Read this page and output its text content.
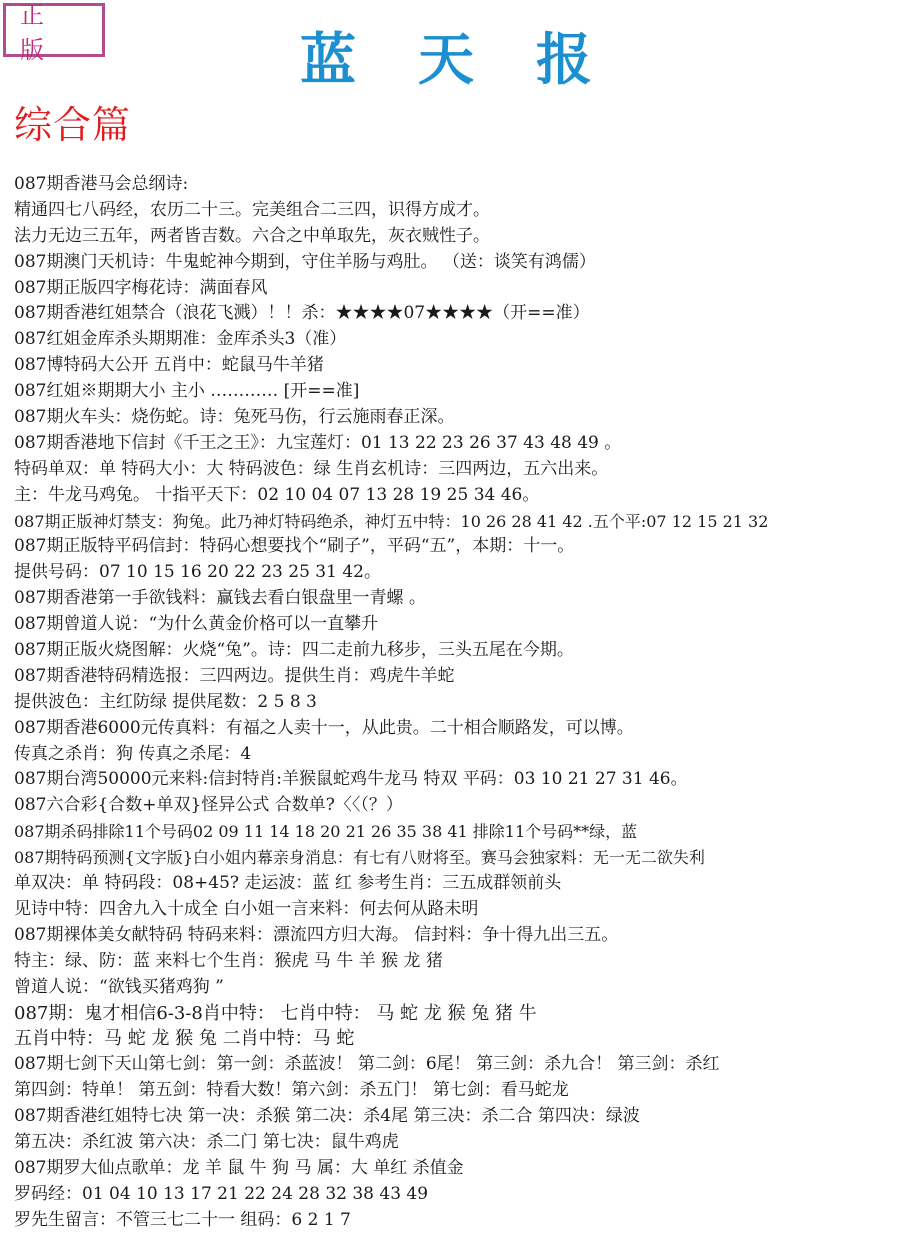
正 版	蓝天报
综合篇
087期香港马会总纲诗:
精通四七八码经，农历二十三。完美组合二三四，识得方成才。
法力无边三五年，两者皆吉数。六合之中单取先，灰衣贼性子。
087期澳门天机诗：牛鬼蛇神今期到，守住羊肠与鸡肚。 （送：谈笑有鸿儒）
087期正版四字梅花诗：满面春风
087期香港红姐禁合（浪花飞溅）！！杀：★★★★07★★★★（开==准）
087红姐金库杀头期期准：金库杀头3（准）
087博特码大公开 五肖中：蛇鼠马牛羊猪
087红姐※期期大小 主小 ………… [开==准]
087期火车头：烧伤蛇。诗：兔死马伤，行云施雨春正深。
087期香港地下信封《千王之王》：九宝莲灯：01 13 22 23 26 37 43 48 49 。
特码单双：单 特码大小：大 特码波色：绿 生肖玄机诗：三四两边，五六出来。
主：牛龙马鸡兔。 十指平天下：02 10 04 07 13 28 19 25 34 46。
087期正版神灯禁支：狗兔。此乃神灯特码绝杀，神灯五中特：10 26 28 41 42 .五个平:07 12 15 21 32
087期正版特平码信封：特码心想要找个“刷子”，平码“五”，本期：十一。
提供号码：07 10 15 16 20 22 23 25 31 42。
087期香港第一手欲钱料：赢钱去看白银盘里一青螺 。
087期曾道人说：“为什么黄金价格可以一直攀升
087期正版火烧图解：火烧“兔”。诗：四二走前九移步，三头五尾在今期。
087期香港特码精选报：三四两边。提供生肖：鸡虎牛羊蛇
提供波色：主红防绿 提供尾数：2 5 8 3
087期香港6000元传真料：有福之人卖十一，从此贵。二十相合顺路发，可以博。
传真之杀肖：狗 传真之杀尾：4
087期台湾50000元来料:信封特肖:羊猴鼠蛇鸡牛龙马 特双 平码：03 10 21 27 31 46。
087六合彩{合数+单双}怪异公式 合数单?〈〈（？）
087期杀码排除11个号码02 09 11 14 18 20 21 26 35 38 41 排除11个号码**绿，蓝
087期特码预测{文字版}白小姐内幕亲身消息：有七有八财将至。赛马会独家料：无一无二欲失利
单双决：单 特码段：08+45? 走运波：蓝 红 参考生肖：三五成群领前头
见诗中特：四舍九入十成全 白小姐一言来料：何去何从路未明
087期裸体美女献特码 特码来料：漂流四方归大海。 信封料：争十得九出三五。
特主：绿、防：蓝 来料七个生肖：猴虎 马 牛 羊 猴 龙 猪
曾道人说：“欲钱买猪鸡狗 ”
087期：鬼才相信6-3-8肖中特： 七肖中特： 马 蛇 龙 猴 兔 猪 牛
五肖中特：马 蛇 龙 猴 兔 二肖中特：马 蛇
087期七剑下天山第七剑：第一剑：杀蓝波！ 第二剑：6尾！ 第三剑：杀九合！ 第三剑：杀红
第四剑：特单！ 第五剑：特看大数！第六剑：杀五门！ 第七剑：看马蛇龙
087期香港红姐特七决 第一决：杀猴 第二决：杀4尾 第三决：杀二合 第四决：绿波
第五决：杀红波 第六决：杀二门 第七决：鼠牛鸡虎
087期罗大仙点歌单：龙 羊 鼠 牛 狗 马 属：大 单红 杀值金
罗码经：01 04 10 13 17 21 22 24 28 32 38 43 49
罗先生留言：不管三七二十一 组码：6 2 1 7
